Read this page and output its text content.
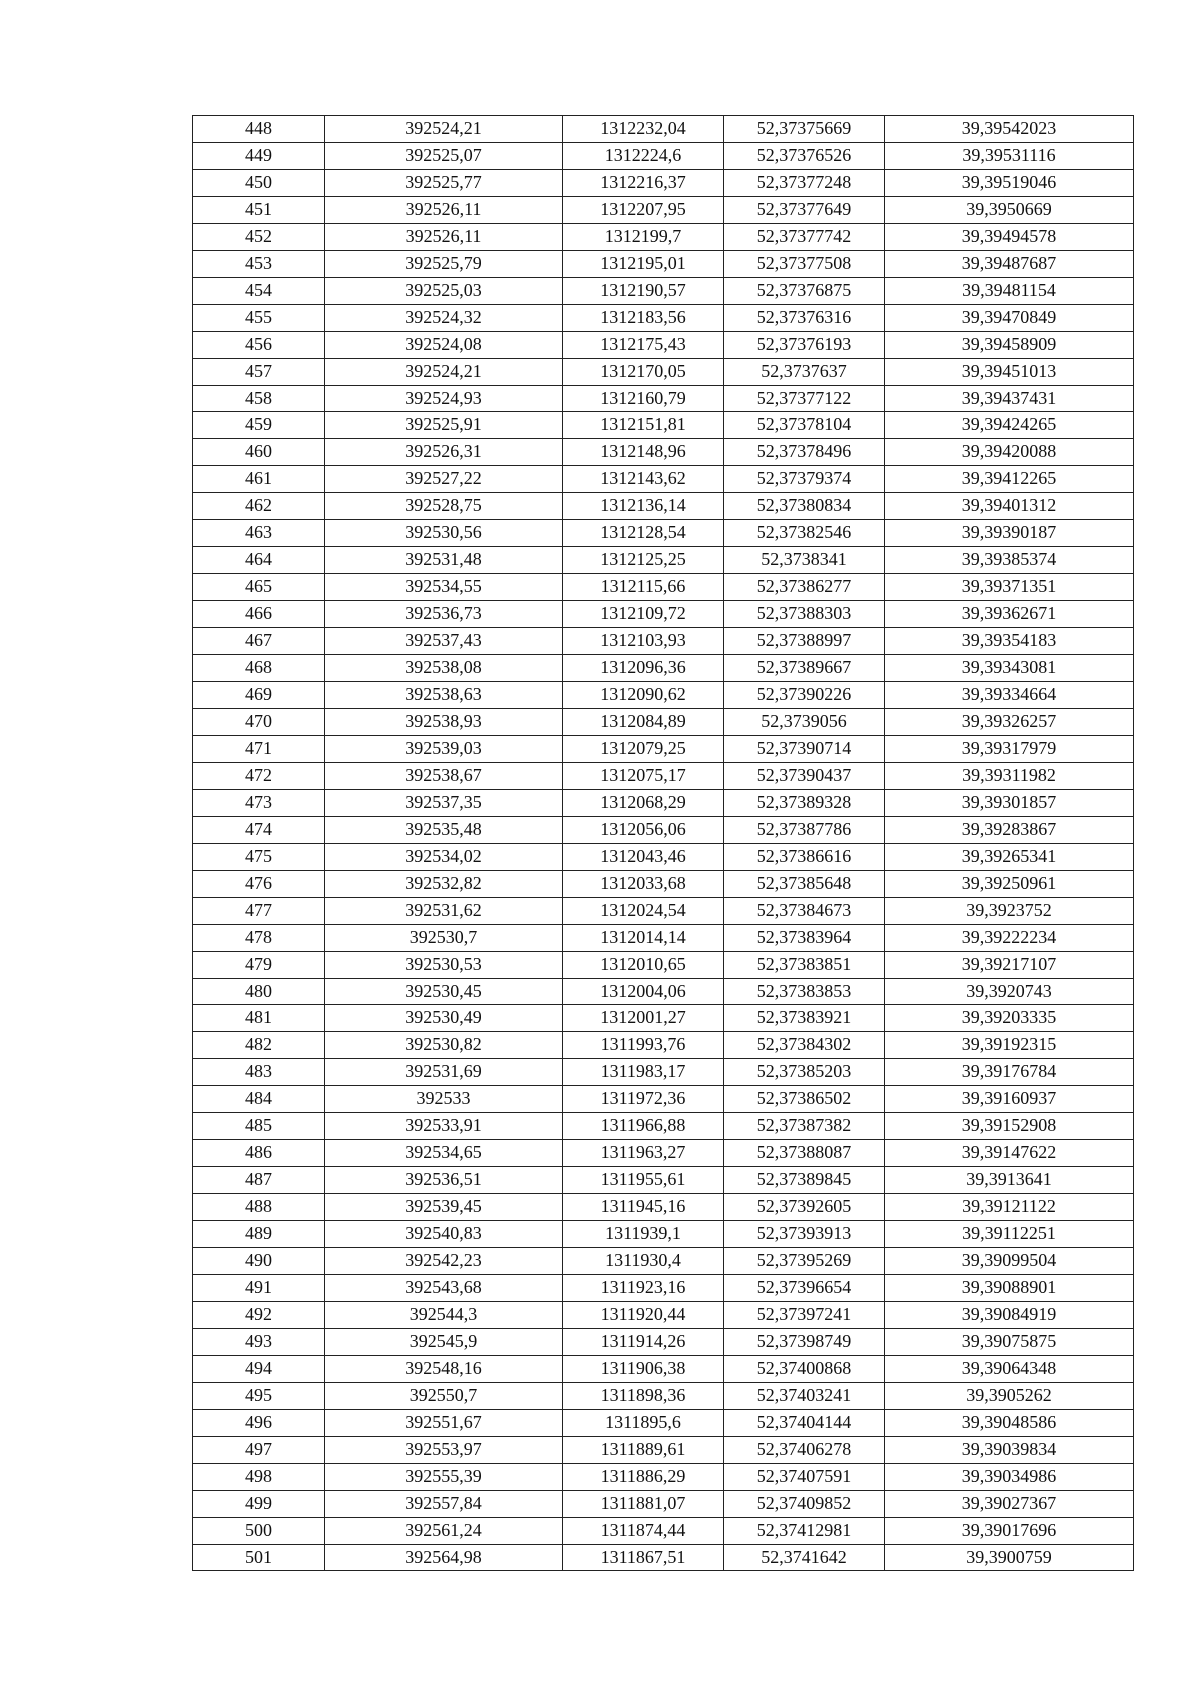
448	392524,21	1312232,04	52,37375669	39,39542023
449	392525,07	1312224,6	52,37376526	39,39531116
450	392525,77	1312216,37	52,37377248	39,39519046
451	392526,11	1312207,95	52,37377649	39,3950669
452	392526,11	1312199,7	52,37377742	39,39494578
453	392525,79	1312195,01	52,37377508	39,39487687
454	392525,03	1312190,57	52,37376875	39,39481154
455	392524,32	1312183,56	52,37376316	39,39470849
456	392524,08	1312175,43	52,37376193	39,39458909
457	392524,21	1312170,05	52,3737637	39,39451013
458	392524,93	1312160,79	52,37377122	39,39437431
459	392525,91	1312151,81	52,37378104	39,39424265
460	392526,31	1312148,96	52,37378496	39,39420088
461	392527,22	1312143,62	52,37379374	39,39412265
462	392528,75	1312136,14	52,37380834	39,39401312
463	392530,56	1312128,54	52,37382546	39,39390187
464	392531,48	1312125,25	52,3738341	39,39385374
465	392534,55	1312115,66	52,37386277	39,39371351
466	392536,73	1312109,72	52,37388303	39,39362671
467	392537,43	1312103,93	52,37388997	39,39354183
468	392538,08	1312096,36	52,37389667	39,39343081
469	392538,63	1312090,62	52,37390226	39,39334664
470	392538,93	1312084,89	52,3739056	39,39326257
471	392539,03	1312079,25	52,37390714	39,39317979
472	392538,67	1312075,17	52,37390437	39,39311982
473	392537,35	1312068,29	52,37389328	39,39301857
474	392535,48	1312056,06	52,37387786	39,39283867
475	392534,02	1312043,46	52,37386616	39,39265341
476	392532,82	1312033,68	52,37385648	39,39250961
477	392531,62	1312024,54	52,37384673	39,3923752
478	392530,7	1312014,14	52,37383964	39,39222234
479	392530,53	1312010,65	52,37383851	39,39217107
480	392530,45	1312004,06	52,37383853	39,3920743
481	392530,49	1312001,27	52,37383921	39,39203335
482	392530,82	1311993,76	52,37384302	39,39192315
483	392531,69	1311983,17	52,37385203	39,39176784
484	392533	1311972,36	52,37386502	39,39160937
485	392533,91	1311966,88	52,37387382	39,39152908
486	392534,65	1311963,27	52,37388087	39,39147622
487	392536,51	1311955,61	52,37389845	39,3913641
488	392539,45	1311945,16	52,37392605	39,39121122
489	392540,83	1311939,1	52,37393913	39,39112251
490	392542,23	1311930,4	52,37395269	39,39099504
491	392543,68	1311923,16	52,37396654	39,39088901
492	392544,3	1311920,44	52,37397241	39,39084919
493	392545,9	1311914,26	52,37398749	39,39075875
494	392548,16	1311906,38	52,37400868	39,39064348
495	392550,7	1311898,36	52,37403241	39,3905262
496	392551,67	1311895,6	52,37404144	39,39048586
497	392553,97	1311889,61	52,37406278	39,39039834
498	392555,39	1311886,29	52,37407591	39,39034986
499	392557,84	1311881,07	52,37409852	39,39027367
500	392561,24	1311874,44	52,37412981	39,39017696
501	392564,98	1311867,51	52,3741642	39,3900759
